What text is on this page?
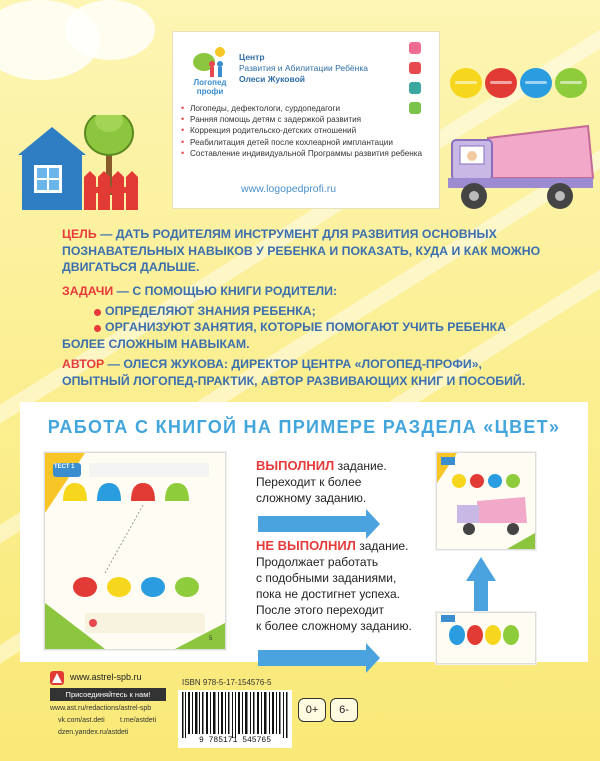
Логопед
профи
Центр
Развития и Абилитации Ребёнка
Олеси Жуковой
• Логопеды, дефектологи, сурдопедагоги
• Ранняя помощь детям с задержкой развития
• Коррекция родительско-детских отношений
• Реабилитация детей после кохлеарной имплантации
• Составление индивидуальной Программы развития ребенка
www.logopedprofi.ru
ЦЕЛЬ — ДАТЬ РОДИТЕЛЯМ ИНСТРУМЕНТ ДЛЯ РАЗВИТИЯ ОСНОВНЫХ ПОЗНАВАТЕЛЬНЫХ НАВЫКОВ У РЕБЕНКА И ПОКАЗАТЬ, КУДА И КАК МОЖНО ДВИГАТЬСЯ ДАЛЬШЕ.
ЗАДАЧИ — С ПОМОЩЬЮ КНИГИ РОДИТЕЛИ:
ОПРЕДЕЛЯЮТ ЗНАНИЯ РЕБЕНКА;
ОРГАНИЗУЮТ ЗАНЯТИЯ, КОТОРЫЕ ПОМОГАЮТ УЧИТЬ РЕБЕНКА
БОЛЕЕ СЛОЖНЫМ НАВЫКАМ.
АВТОР — ОЛЕСЯ ЖУКОВА: ДИРЕКТОР ЦЕНТРА «ЛОГОПЕД-ПРОФИ», ОПЫТНЫЙ ЛОГОПЕД-ПРАКТИК, АВТОР РАЗВИВАЮЩИХ КНИГ И ПОСОБИЙ.
РАБОТА С КНИГОЙ НА ПРИМЕРЕ РАЗДЕЛА «ЦВЕТ»
ТЕСТ 1
5
ВЫПОЛНИЛ задание.
Переходит к более
сложному заданию.
НЕ ВЫПОЛНИЛ задание.
Продолжает работать
с подобными заданиями,
пока не достигнет успеха.
После этого переходит
к более сложному заданию.
www.astrel-spb.ru
Присоединяйтесь к нам!
www.ast.ru/redactions/astrel-spb
vk.com/ast.deti t.me/astdeti
dzen.yandex.ru/astdeti
ISBN 978-5-17-154576-5
9 785171 545765
0+	6-
